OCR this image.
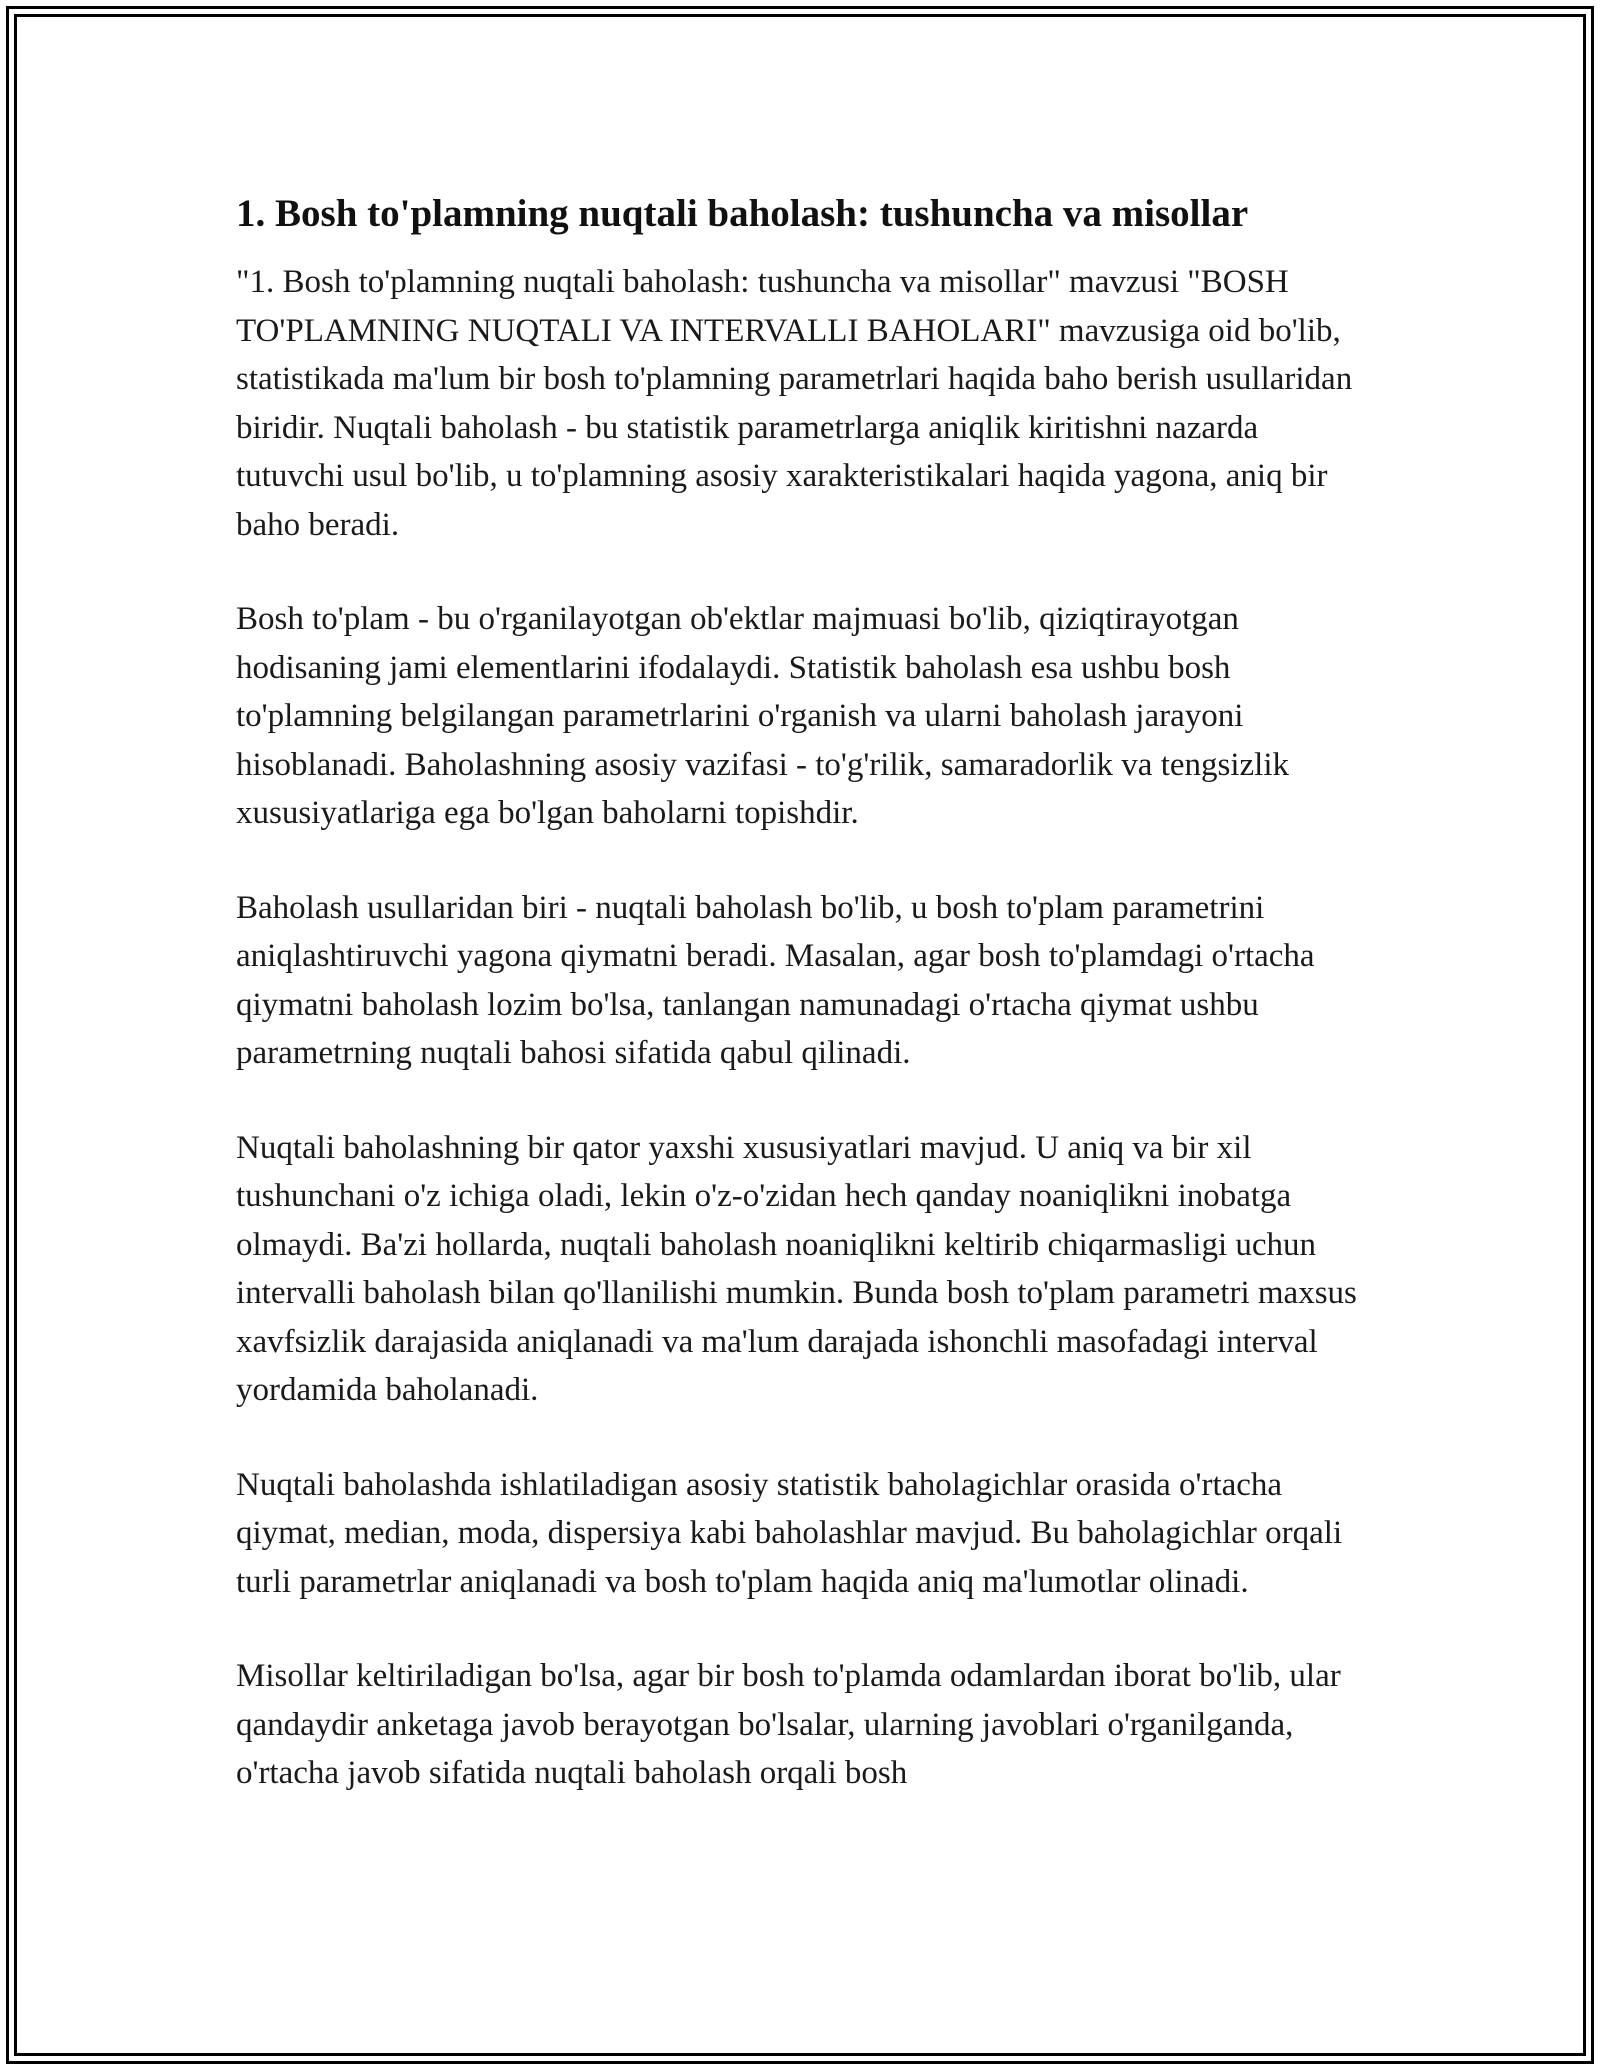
1. Bosh to'plamning nuqtali baholash: tushuncha va misollar

"1. Bosh to'plamning nuqtali baholash: tushuncha va misollar" mavzusi "BOSH TO'PLAMNING NUQTALI VA INTERVALLI BAHOLARI" mavzusiga oid bo'lib, statistikada ma'lum bir bosh to'plamning parametrlari haqida baho berish usullaridan biridir. Nuqtali baholash - bu statistik parametrlarga aniqlik kiritishni nazarda tutuvchi usul bo'lib, u to'plamning asosiy xarakteristikalari haqida yagona, aniq bir baho beradi.

Bosh to'plam - bu o'rganilayotgan ob'ektlar majmuasi bo'lib, qiziqtirayotgan hodisaning jami elementlarini ifodalaydi. Statistik baholash esa ushbu bosh to'plamning belgilangan parametrlarini o'rganish va ularni baholash jarayoni hisoblanadi. Baholashning asosiy vazifasi - to'g'rilik, samaradorlik va tengsizlik xususiyatlariga ega bo'lgan baholarni topishdir.

Baholash usullaridan biri - nuqtali baholash bo'lib, u bosh to'plam parametrini aniqlashtiruvchi yagona qiymatni beradi. Masalan, agar bosh to'plamdagi o'rtacha qiymatni baholash lozim bo'lsa, tanlangan namunadagi o'rtacha qiymat ushbu parametrning nuqtali bahosi sifatida qabul qilinadi.

Nuqtali baholashning bir qator yaxshi xususiyatlari mavjud. U aniq va bir xil tushunchani o'z ichiga oladi, lekin o'z-o'zidan hech qanday noaniqlikni inobatga olmaydi. Ba'zi hollarda, nuqtali baholash noaniqlikni keltirib chiqarmasligi uchun intervalli baholash bilan qo'llanilishi mumkin. Bunda bosh to'plam parametri maxsus xavfsizlik darajasida aniqlanadi va ma'lum darajada ishonchli masofadagi interval yordamida baholanadi.

Nuqtali baholashda ishlatiladigan asosiy statistik baholagichlar orasida o'rtacha qiymat, median, moda, dispersiya kabi baholashlar mavjud. Bu baholagichlar orqali turli parametrlar aniqlanadi va bosh to'plam haqida aniq ma'lumotlar olinadi.

Misollar keltiriladigan bo'lsa, agar bir bosh to'plamda odamlardan iborat bo'lib, ular qandaydir anketaga javob berayotgan bo'lsalar, ularning javoblari o'rganilganda, o'rtacha javob sifatida nuqtali baholash orqali bosh
